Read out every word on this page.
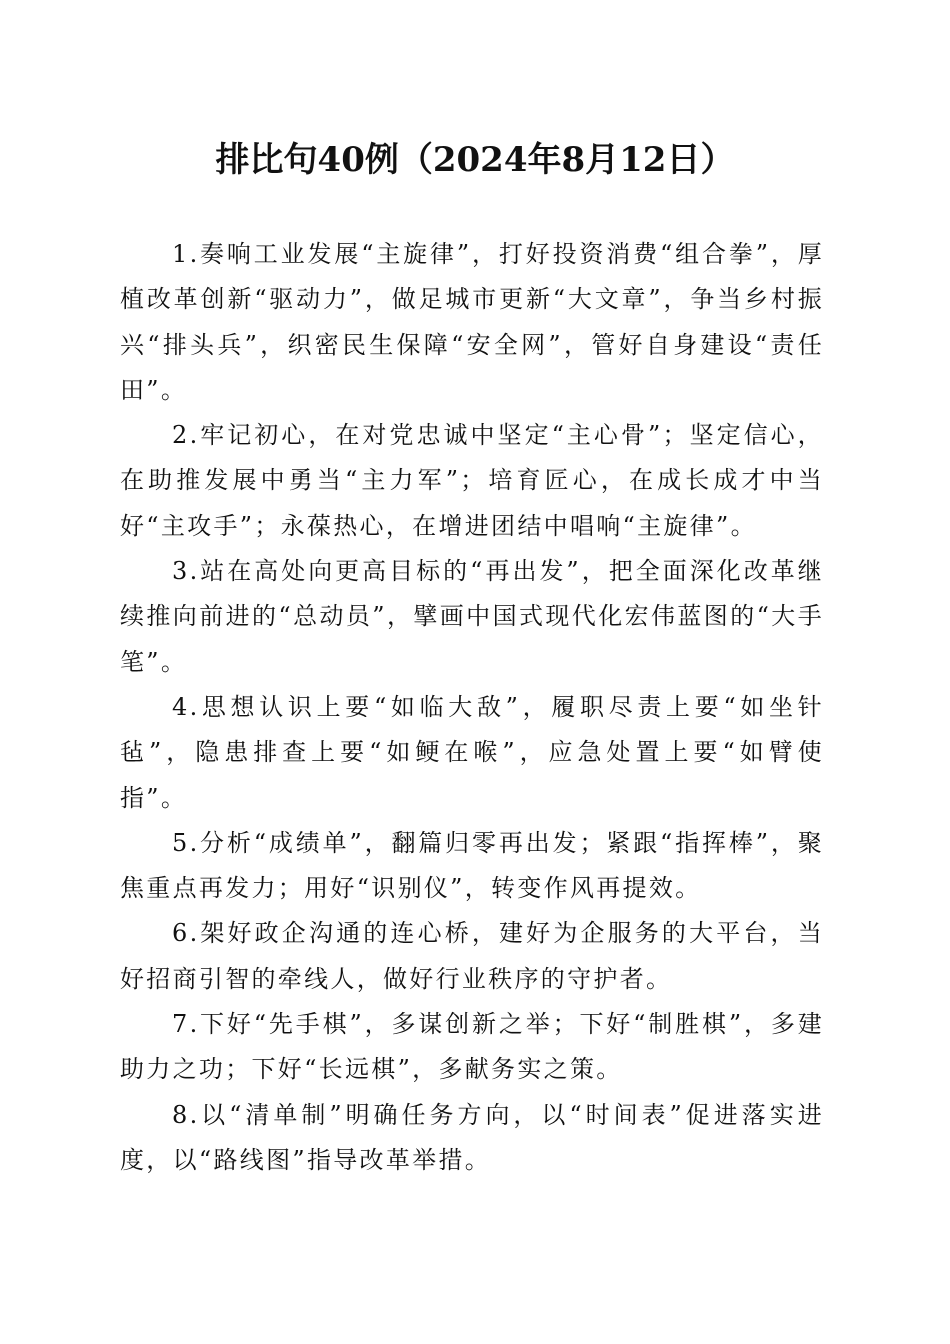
排比句40例（2024年8月12日）

1.奏响工业发展“主旋律”，打好投资消费“组合拳”，厚植改革创新“驱动力”，做足城市更新“大文章”，争当乡村振兴“排头兵”，织密民生保障“安全网”，管好自身建设“责任田”。

2.牢记初心，在对党忠诚中坚定“主心骨”；坚定信心，在助推发展中勇当“主力军”；培育匠心，在成长成才中当好“主攻手”；永葆热心，在增进团结中唱响“主旋律”。

3.站在高处向更高目标的“再出发”，把全面深化改革继续推向前进的“总动员”，擘画中国式现代化宏伟蓝图的“大手笔”。

4.思想认识上要“如临大敌”，履职尽责上要“如坐针毡”，隐患排查上要“如鲠在喉”，应急处置上要“如臂使指”。

5.分析“成绩单”，翻篇归零再出发；紧跟“指挥棒”，聚焦重点再发力；用好“识别仪”，转变作风再提效。

6.架好政企沟通的连心桥，建好为企服务的大平台，当好招商引智的牵线人，做好行业秩序的守护者。

7.下好“先手棋”，多谋创新之举；下好“制胜棋”，多建助力之功；下好“长远棋”，多献务实之策。

8.以“清单制”明确任务方向，以“时间表”促进落实进度，以“路线图”指导改革举措。
